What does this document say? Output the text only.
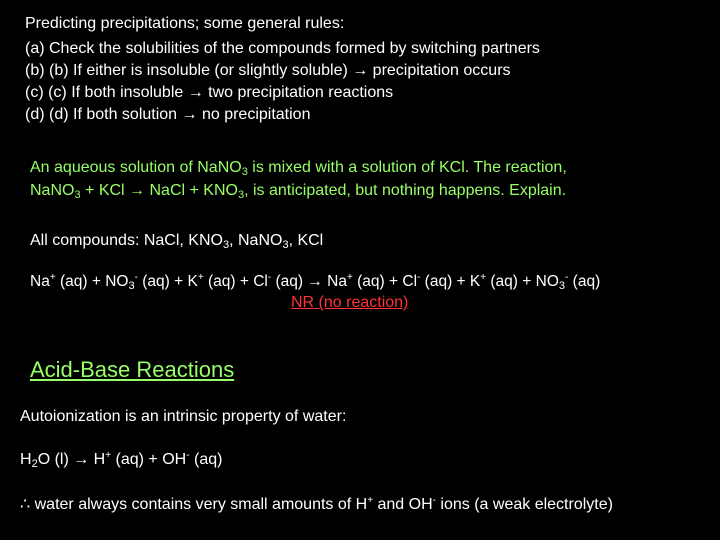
Predicting precipitations; some general rules:
(a) Check the solubilities of the compounds formed by switching partners
(b) (b) If either is insoluble (or slightly soluble) → precipitation occurs
(c) (c) If both insoluble → two precipitation reactions
(d) (d) If both solution → no precipitation
An aqueous solution of NaNO$_3$ is mixed with a solution of KCl. The reaction,
NaNO$_3$ + KCl → NaCl + $KNO_3$, is anticipated, but nothing happens. Explain.
All compounds: NaCl, $KNO_3$, NaNO$_3$, KCl
Na+ $(aq) + NO_3^-$ (aq) + K+ (aq) + Cl- (aq) → Na+ (aq) + Cl- (aq) + K+ $(aq) + NO_3^-$ (aq)
NR (no reaction)
Acid-Base Reactions
Autoionization is an intrinsic property of water:
$H_2O$ (l) → H+ (aq) + OH- (aq)
∴ water always contains very small amounts of H+ and OH- ions (a weak electrolyte)
